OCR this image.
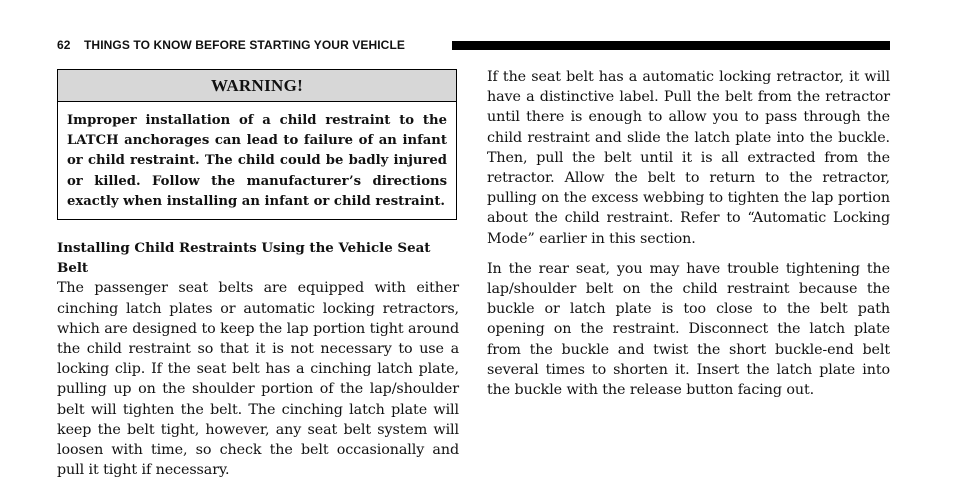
62 THINGS TO KNOW BEFORE STARTING YOUR VEHICLE
WARNING!
Improper installation of a child restraint to the LATCH anchorages can lead to failure of an infant or child restraint. The child could be badly injured or killed. Follow the manufacturer’s directions exactly when installing an infant or child restraint.
Installing Child Restraints Using the Vehicle Seat Belt

The passenger seat belts are equipped with either cinching latch plates or automatic locking retractors, which are designed to keep the lap portion tight around the child restraint so that it is not necessary to use a locking clip. If the seat belt has a cinching latch plate, pulling up on the shoulder portion of the lap/shoulder belt will tighten the belt. The cinching latch plate will keep the belt tight, however, any seat belt system will loosen with time, so check the belt occasionally and pull it tight if necessary.

If the seat belt has a automatic locking retractor, it will have a distinctive label. Pull the belt from the retractor until there is enough to allow you to pass through the child restraint and slide the latch plate into the buckle. Then, pull the belt until it is all extracted from the retractor. Allow the belt to return to the retractor, pulling on the excess webbing to tighten the lap portion about the child restraint. Refer to “Automatic Locking Mode” earlier in this section.

In the rear seat, you may have trouble tightening the lap/shoulder belt on the child restraint because the buckle or latch plate is too close to the belt path opening on the restraint. Disconnect the latch plate from the buckle and twist the short buckle-end belt several times to shorten it. Insert the latch plate into the buckle with the release button facing out.
